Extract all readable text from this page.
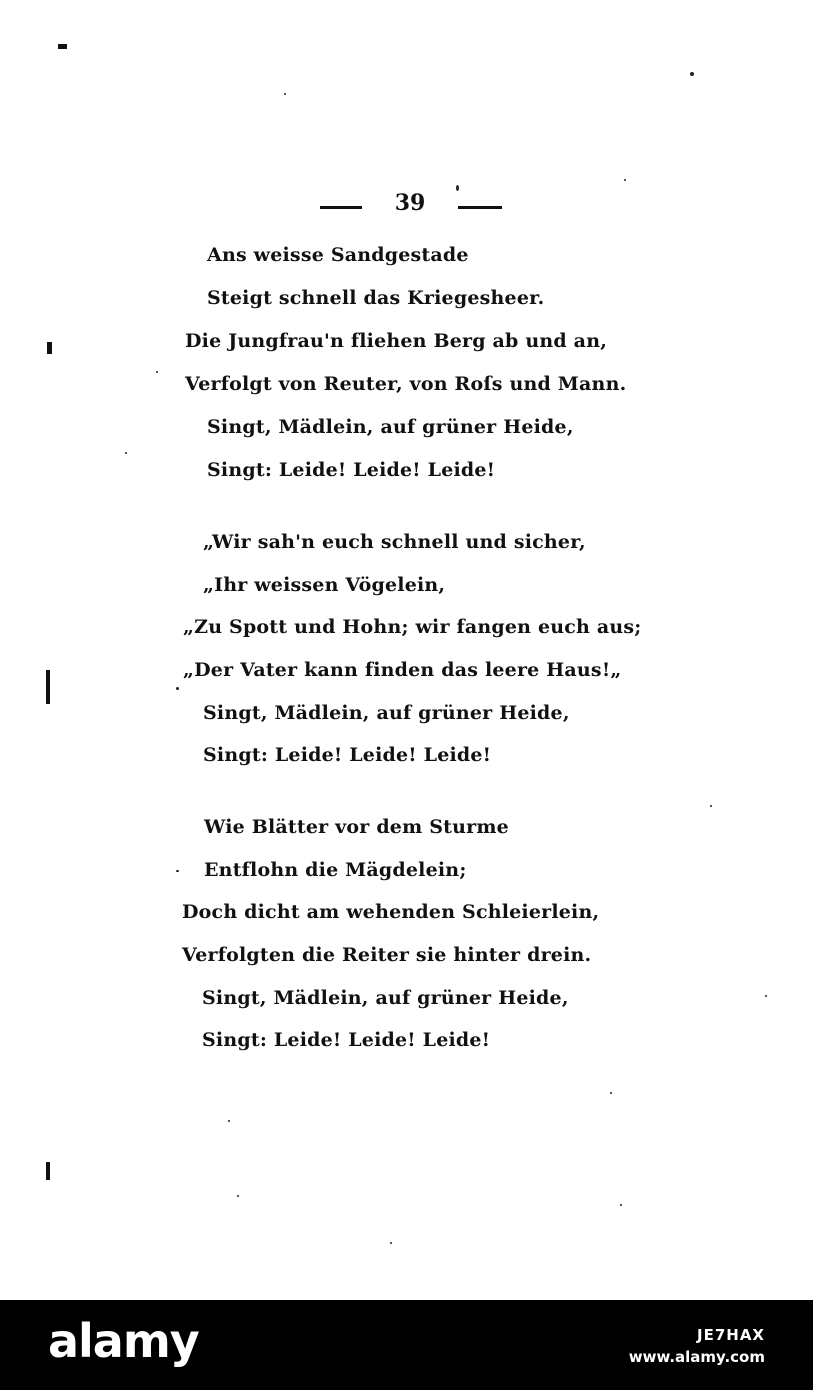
39
Ans weisse Sandgestade
Steigt schnell das Kriegesheer.
Die Jungfrau'n fliehen Berg ab und an,
Verfolgt von Reuter, von Roſs und Mann.
Singt, Mädlein, auf grüner Heide,
Singt: Leide! Leide! Leide!
„Wir sah'n euch schnell und sicher,
„Ihr weissen Vögelein,
„Zu Spott und Hohn; wir fangen euch aus;
„Der Vater kann finden das leere Haus!„
Singt, Mädlein, auf grüner Heide,
Singt: Leide! Leide! Leide!
Wie Blätter vor dem Sturme
Entflohn die Mägdelein;
Doch dicht am wehenden Schleierlein,
Verfolgten die Reiter sie hinter drein.
Singt, Mädlein, auf grüner Heide,
Singt: Leide! Leide! Leide!
alamy	JE7HAX
www.alamy.com
